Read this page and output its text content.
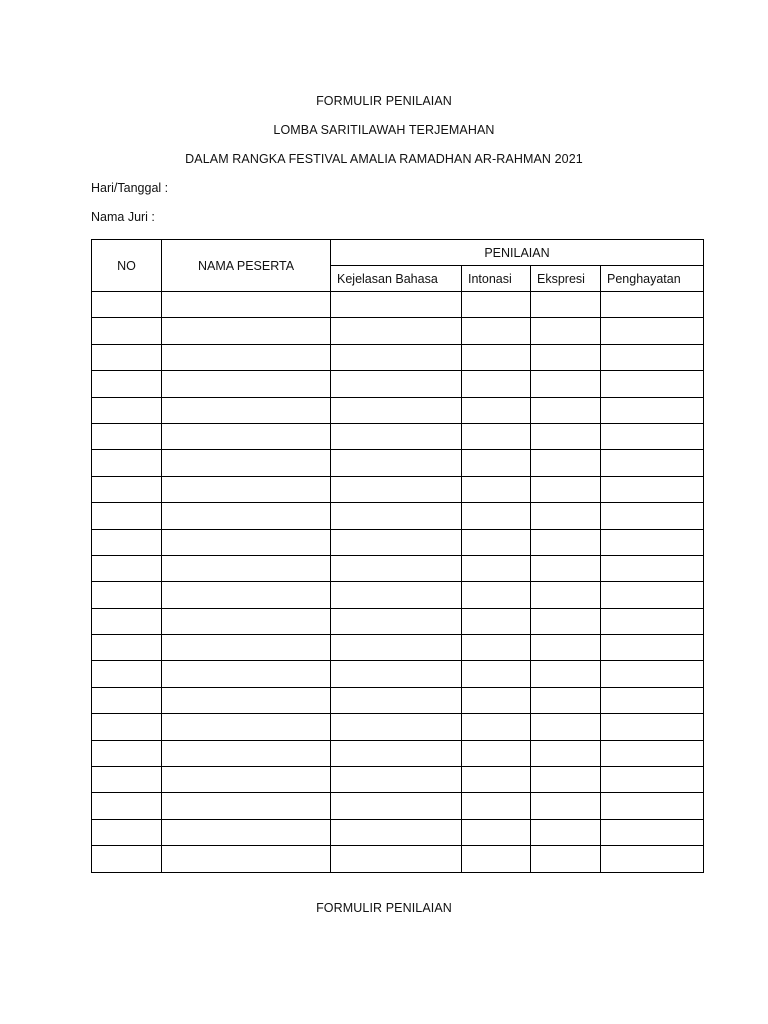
FORMULIR PENILAIAN
LOMBA SARITILAWAH TERJEMAHAN
DALAM RANGKA FESTIVAL AMALIA RAMADHAN AR-RAHMAN 2021
Hari/Tanggal :
Nama Juri :
NO	NAMA PESERTA	PENILAIAN			
		Kejelasan Bahasa	Intonasi	Ekspresi	Penghayatan

FORMULIR PENILAIAN
